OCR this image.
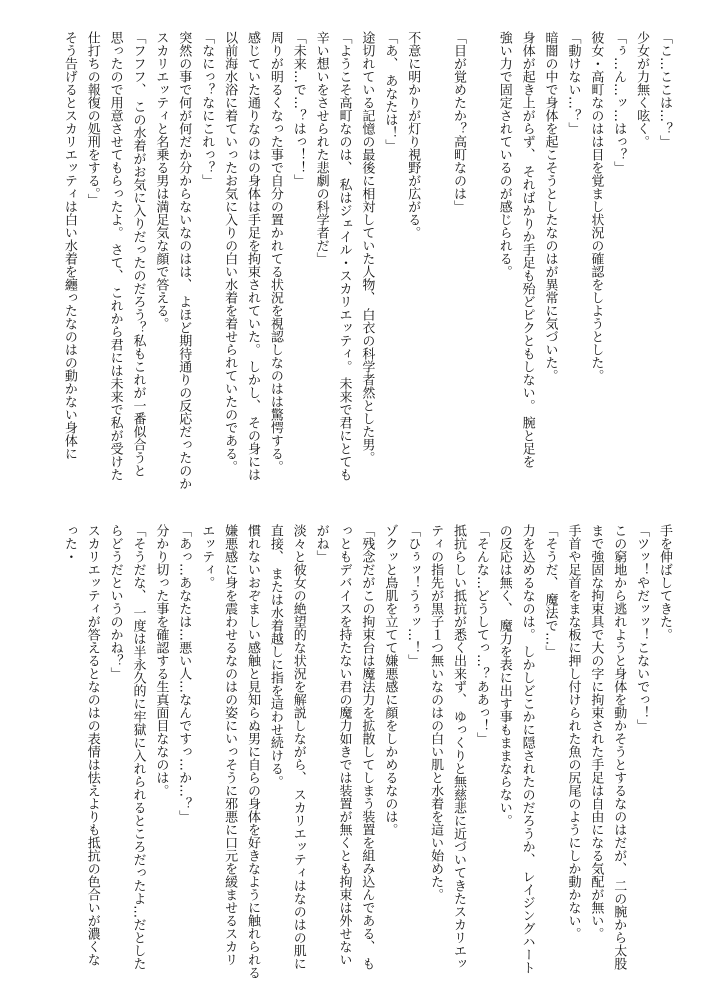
「こ…ここは…？」
少女が力無く呟く。
「ぅ…ん…ッ…はっ？」
彼女・高町なのはは目を覚まし状況の確認をしようとした。
「動けない…？」
暗闇の中で身体を起こそうとしたなのはが異常に気づいた。
身体が起き上がらず、 そればかりか手足も殆どピクともしない。 腕と足を
強い力で固定されているのが感じられる。
「目が覚めたか？高町なのは」
不意に明かりが灯り視野が広がる。
「あ、 あなたは！」
途切れている記憶の最後に相対していた人物、 白衣の科学者然とした男。
「ようこそ高町なのは、 私はジェイル・スカリエッティ。 未来で君にとても
辛い想いをさせられた悲劇の科学者だ」
「未来…で…？はっ！！」
周りが明るくなった事で自分の置かれてる状況を視認しなのはは驚愕する。
感じていた通りなのはの身体は手足を拘束されていた。 しかし、 その身には
以前海水浴に着ていったお気に入りの白い水着を着せられていたのである。
「なにっ？なにこれっ？」
突然の事で何が何だか分からないなのはは、 よほど期待通りの反応だったのか
スカリエッティと名乗る男は満足気な顔で答える。
「フフフ、 この水着がお気に入りだったのだろう？私もこれが一番似合うと
思ったので用意させてもらったよ。 さて、 これから君には未来で私が受けた
仕打ちの報復の処刑をする。」
そう告げるとスカリエッティは白い水着を纏ったなのはの動かない身体に
手を伸ばしてきた。
「ツッ！やだッッ！こないでっ！」
この窮地から逃れようと身体を動かそうとするなのはだが、 二の腕から太股
まで強固な拘束具で大の字に拘束された手足は自由になる気配が無い。
手首や足首をまな板に押し付けられた魚の尻尾のようにしか動かない。
「そうだ、 魔法で…」
力を込めるなのは。 しかしどこかに隠されたのだろうか、 レイジングハート
の反応は無く、 魔力を表に出す事もままならない。
「そんな…どうしてっ…？ああっ！」
抵抗らしい抵抗が悉く出来ず、 ゆっくりと無慈悲に近づいてきたスカリエッ
ティの指先が黒子１つ無いなのはの白い肌と水着を這い始めた。
「ひぅッ！うぅッ…！」
ゾクッと鳥肌を立てて嫌悪感に顔をしかめるなのは。
「残念だがこの拘束台は魔法力を拡散してしまう装置を組み込んである、 も
っともデバイスを持たない君の魔力如きでは装置が無くとも拘束は外せない
がね」
淡々と彼女の絶望的な状況を解説しながら、 スカリエッティはなのはの肌に
直接、 または水着越しに指を這わせ続ける。
慣れないおぞましい感触と見知らぬ男に自らの身体を好きなように触れられる
嫌悪感に身を震わせるなのはの姿にいっそうに邪悪に口元を緩ませるスカリ
エッティ。
「あっ…あなたは…悪い人…なんですっ…か…？」
分かり切った事を確認する生真面目ななのは。
「そうだな、 一度は半永久的に牢獄に入れられるところだったよ…だとした
らどうだというのかね？」
スカリエッティが答えるとなのはの表情は怯えよりも抵抗の色合いが濃くな
った・
